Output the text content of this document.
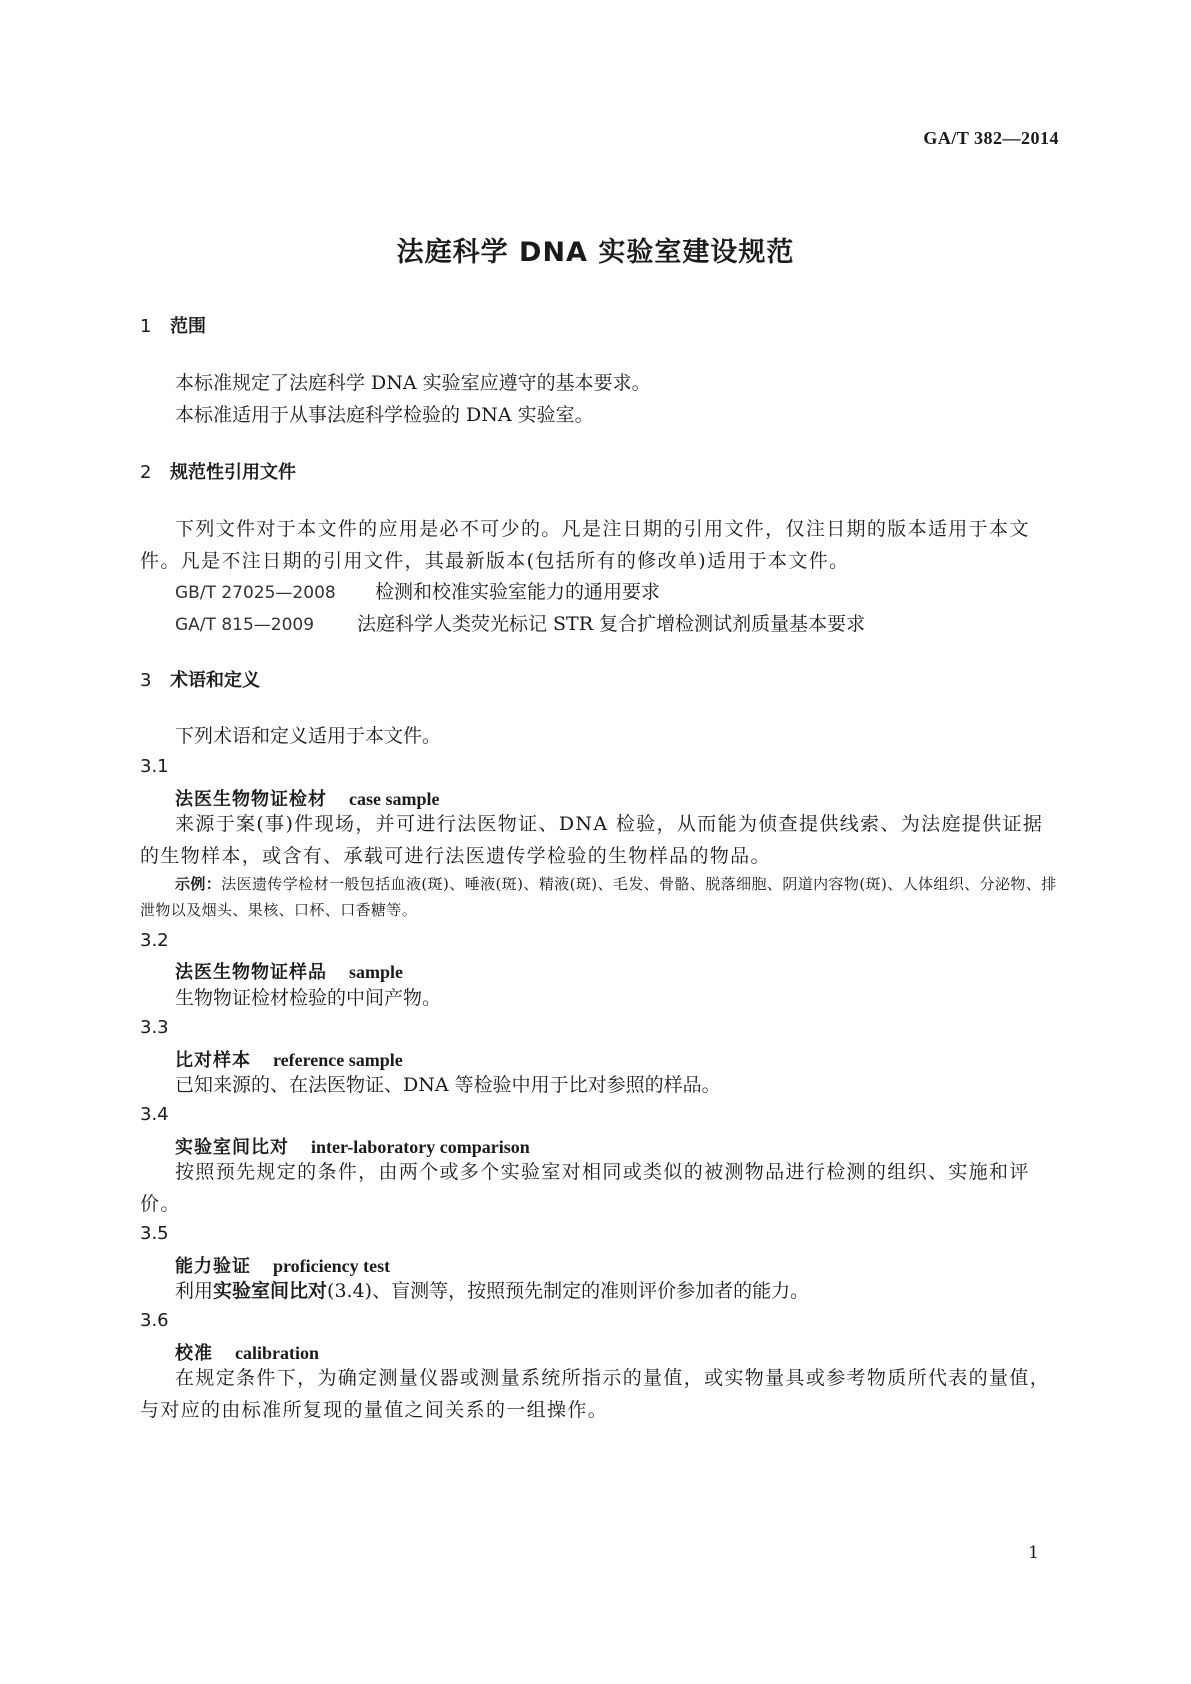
GA/T 382—2014
法庭科学 DNA 实验室建设规范
1 范围
本标准规定了法庭科学 DNA 实验室应遵守的基本要求。
本标准适用于从事法庭科学检验的 DNA 实验室。
2 规范性引用文件
下列文件对于本文件的应用是必不可少的。凡是注日期的引用文件，仅注日期的版本适用于本文件。凡是不注日期的引用文件，其最新版本(包括所有的修改单)适用于本文件。
GB/T 27025—2008 检测和校准实验室能力的通用要求
GA/T 815—2009 法庭科学人类荧光标记 STR 复合扩增检测试剂质量基本要求
3 术语和定义
下列术语和定义适用于本文件。
3.1
法医生物物证检材 case sample
来源于案(事)件现场，并可进行法医物证、DNA 检验，从而能为侦查提供线索、为法庭提供证据的生物样本，或含有、承载可进行法医遗传学检验的生物样品的物品。
示例：法医遗传学检材一般包括血液(斑)、唾液(斑)、精液(斑)、毛发、骨骼、脱落细胞、阴道内容物(斑)、人体组织、分泌物、排泄物以及烟头、果核、口杯、口香糖等。
3.2
法医生物物证样品 sample
生物物证检材检验的中间产物。
3.3
比对样本 reference sample
已知来源的、在法医物证、DNA 等检验中用于比对参照的样品。
3.4
实验室间比对 inter-laboratory comparison
按照预先规定的条件，由两个或多个实验室对相同或类似的被测物品进行检测的组织、实施和评价。
3.5
能力验证 proficiency test
利用实验室间比对(3.4)、盲测等，按照预先制定的准则评价参加者的能力。
3.6
校准 calibration
在规定条件下，为确定测量仪器或测量系统所指示的量值，或实物量具或参考物质所代表的量值，与对应的由标准所复现的量值之间关系的一组操作。
1
